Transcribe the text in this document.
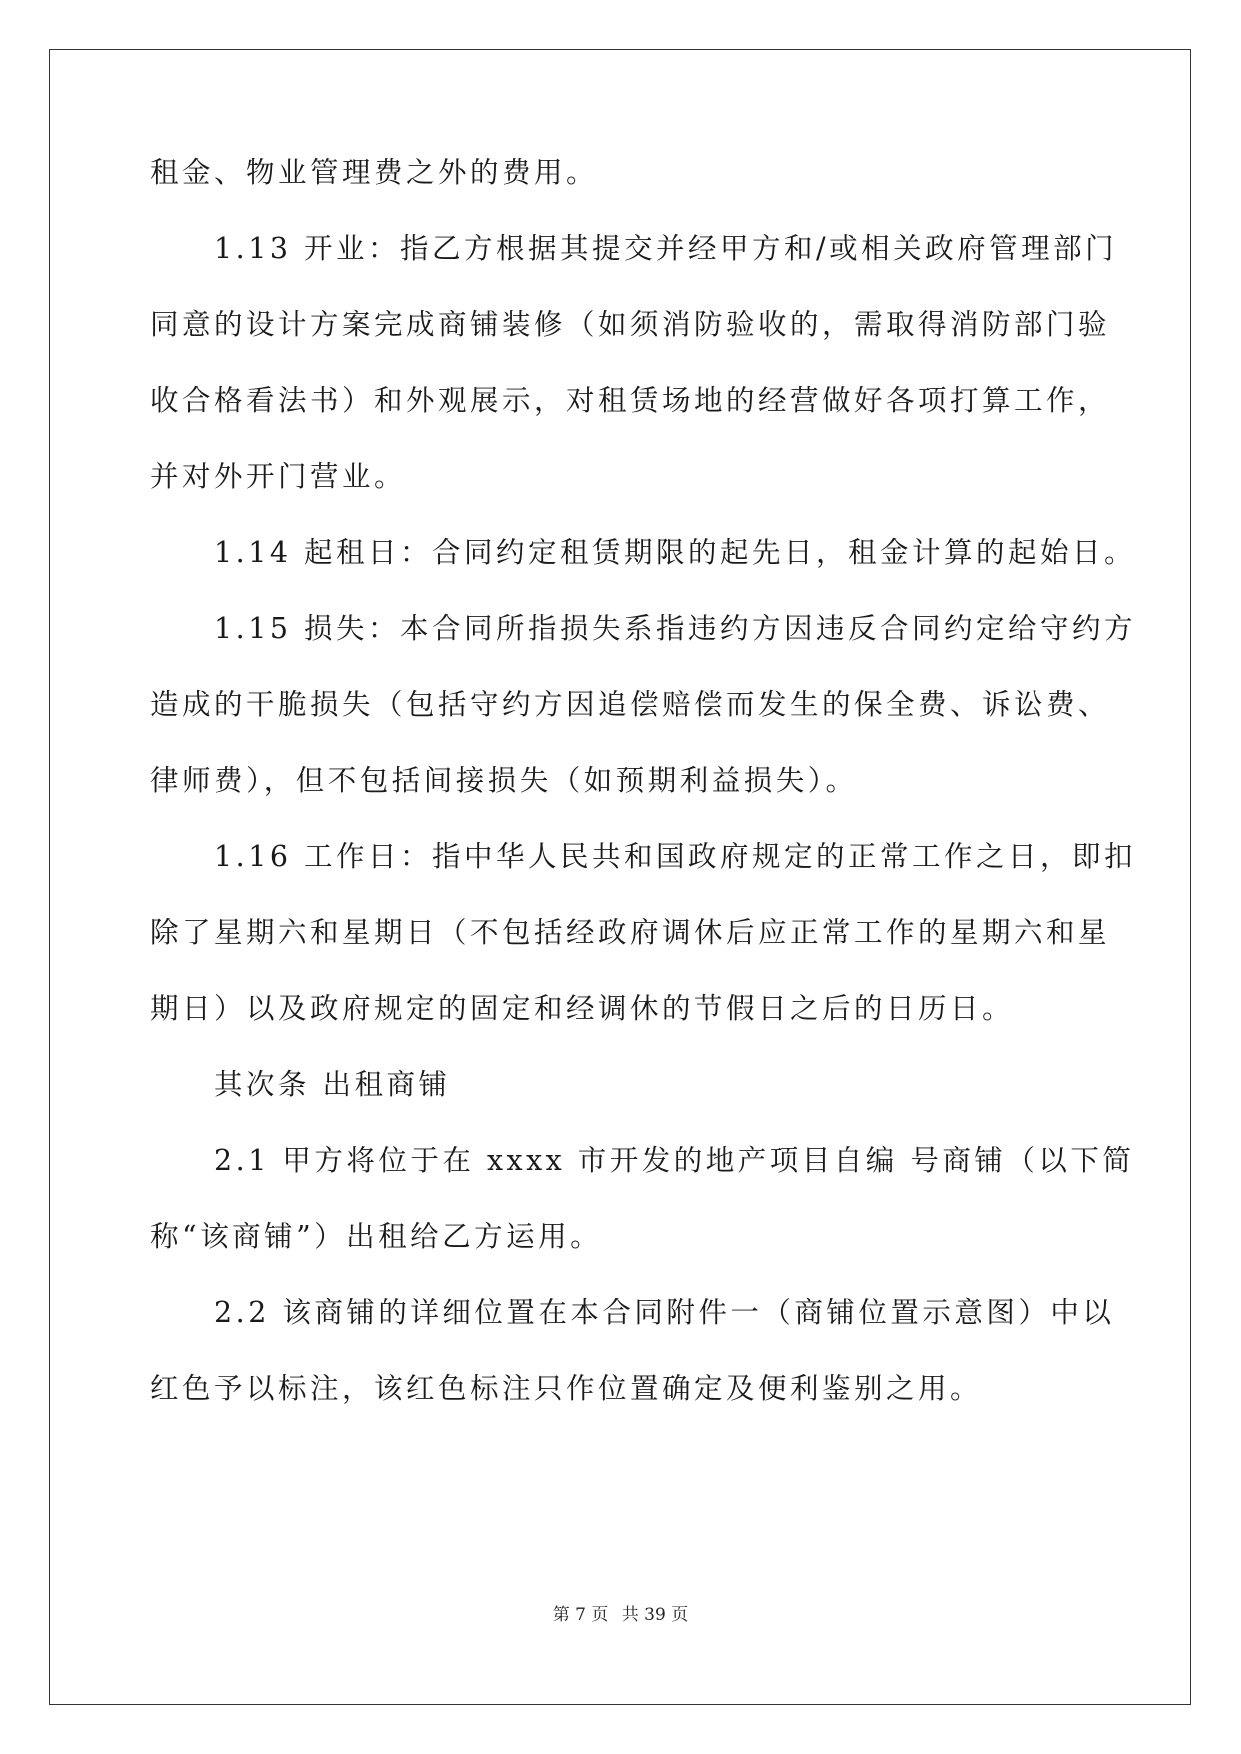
租金、物业管理费之外的费用。
1.13 开业：指乙方根据其提交并经甲方和/或相关政府管理部门
同意的设计方案完成商铺装修（如须消防验收的，需取得消防部门验
收合格看法书）和外观展示，对租赁场地的经营做好各项打算工作，
并对外开门营业。
1.14 起租日：合同约定租赁期限的起先日，租金计算的起始日。
1.15 损失：本合同所指损失系指违约方因违反合同约定给守约方
造成的干脆损失（包括守约方因追偿赔偿而发生的保全费、诉讼费、
律师费），但不包括间接损失（如预期利益损失）。
1.16 工作日：指中华人民共和国政府规定的正常工作之日，即扣
除了星期六和星期日（不包括经政府调休后应正常工作的星期六和星
期日）以及政府规定的固定和经调休的节假日之后的日历日。
其次条 出租商铺
2.1 甲方将位于在 xxxx 市开发的地产项目自编 号商铺（以下简
称“该商铺”）出租给乙方运用。
2.2 该商铺的详细位置在本合同附件一（商铺位置示意图）中以
红色予以标注，该红色标注只作位置确定及便利鉴别之用。
第 7 页 共 39 页
